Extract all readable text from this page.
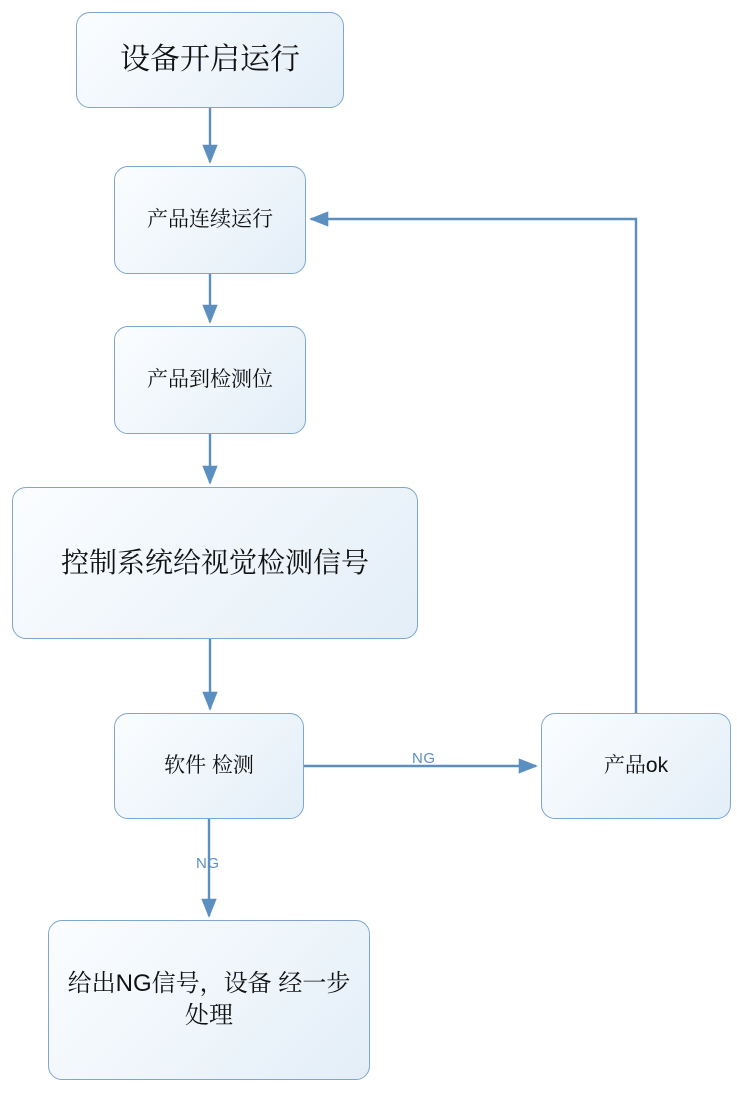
设备开启运行
产品连续运行
产品到检测位
控制系统给视觉检测信号
软件 检测	产品ok
给出NG信号，设备 经一步处理
NG
NG
